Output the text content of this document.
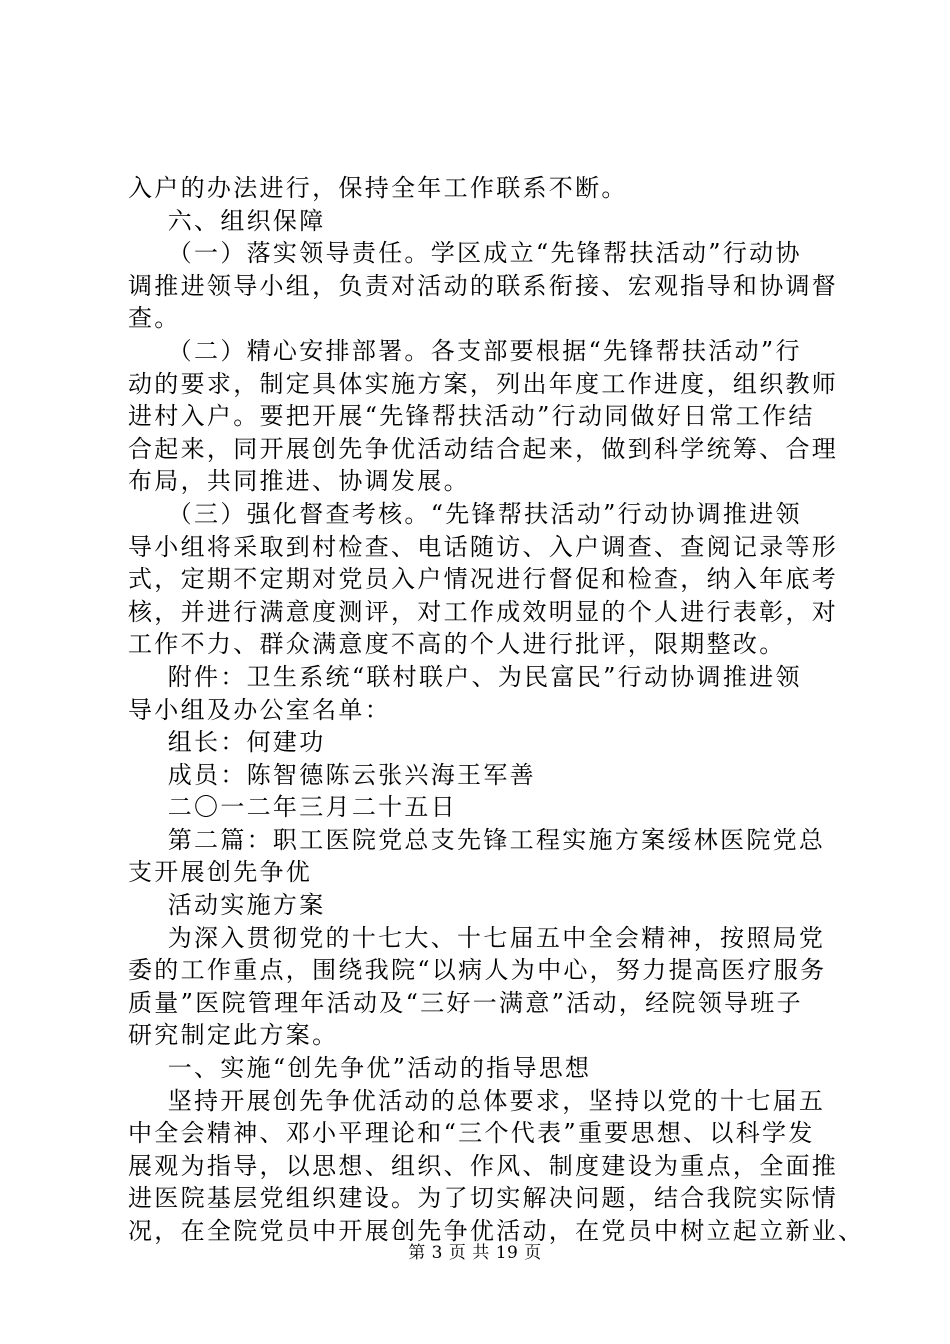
入户的办法进行，保持全年工作联系不断。
六、组织保障
（一）落实领导责任。学区成立“先锋帮扶活动”行动协
调推进领导小组，负责对活动的联系衔接、宏观指导和协调督
查。
（二）精心安排部署。各支部要根据“先锋帮扶活动”行
动的要求，制定具体实施方案，列出年度工作进度，组织教师
进村入户。要把开展“先锋帮扶活动”行动同做好日常工作结
合起来，同开展创先争优活动结合起来，做到科学统筹、合理
布局，共同推进、协调发展。
（三）强化督查考核。“先锋帮扶活动”行动协调推进领
导小组将采取到村检查、电话随访、入户调查、查阅记录等形
式，定期不定期对党员入户情况进行督促和检查，纳入年底考
核，并进行满意度测评，对工作成效明显的个人进行表彰，对
工作不力、群众满意度不高的个人进行批评，限期整改。
附件：卫生系统“联村联户、为民富民”行动协调推进领
导小组及办公室名单：
组长：何建功
成员：陈智德陈云张兴海王军善
二〇一二年三月二十五日
第二篇：职工医院党总支先锋工程实施方案绥林医院党总
支开展创先争优
活动实施方案
为深入贯彻党的十七大、十七届五中全会精神，按照局党
委的工作重点，围绕我院“以病人为中心，努力提高医疗服务
质量”医院管理年活动及“三好一满意”活动，经院领导班子
研究制定此方案。
一、实施“创先争优”活动的指导思想
坚持开展创先争优活动的总体要求，坚持以党的十七届五
中全会精神、邓小平理论和“三个代表”重要思想、以科学发
展观为指导，以思想、组织、作风、制度建设为重点，全面推
进医院基层党组织建设。为了切实解决问题，结合我院实际情
况，在全院党员中开展创先争优活动，在党员中树立起立新业、
第 3 页 共 19 页
